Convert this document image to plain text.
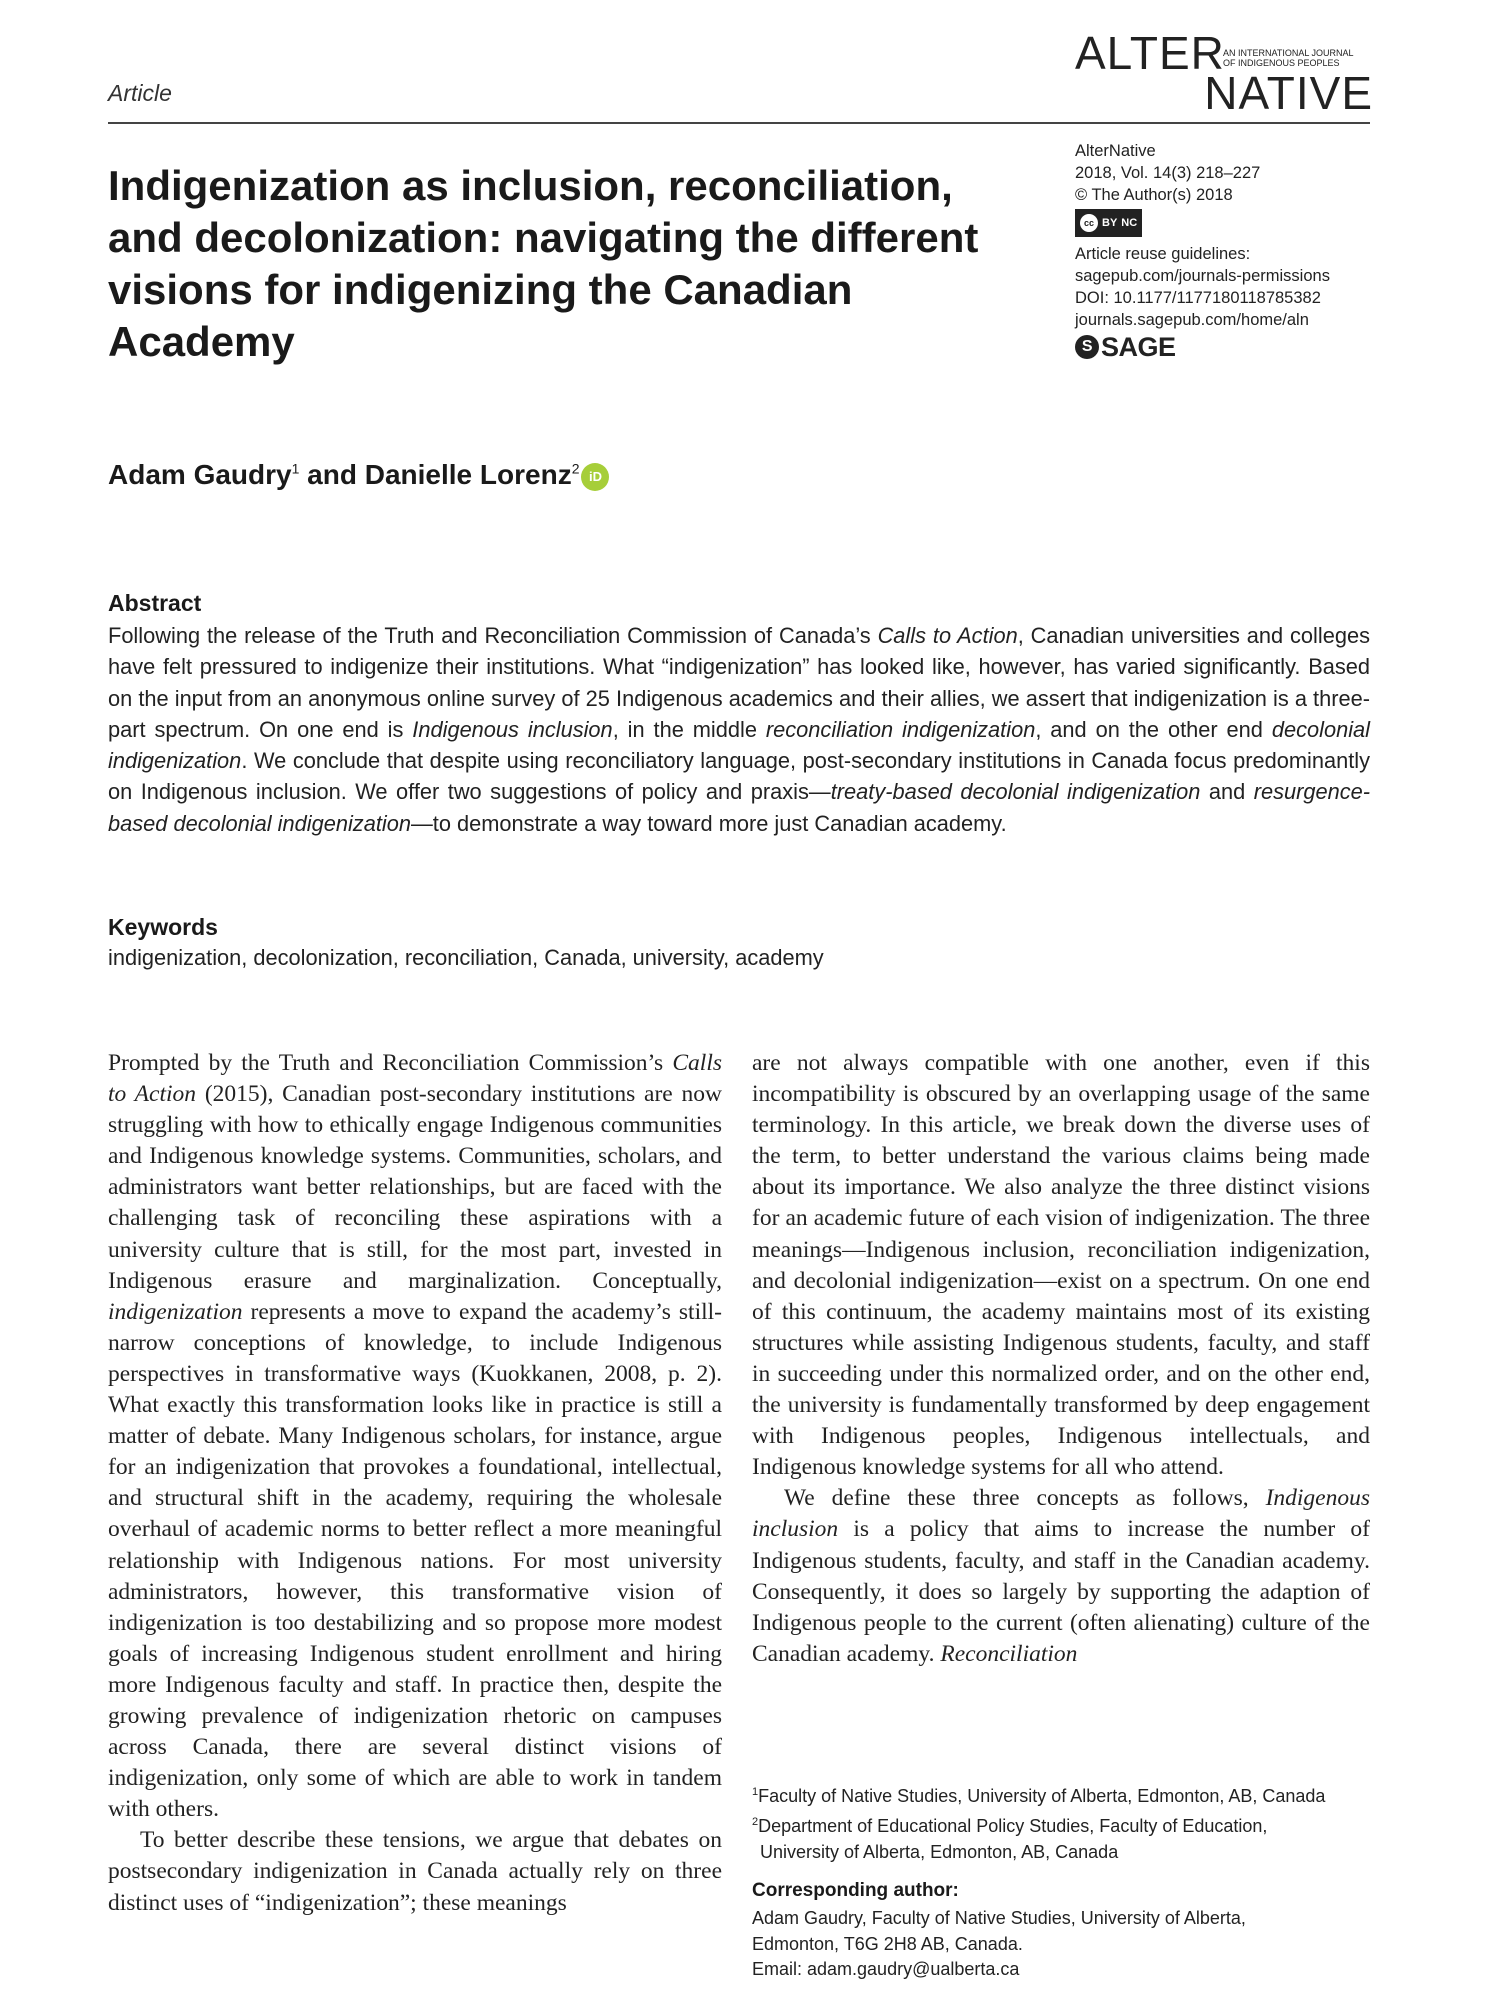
Article
ALTER
AN INTERNATIONAL JOURNAL
OF INDIGENOUS PEOPLES
NATIVE
AlterNative
2018, Vol. 14(3) 218–227
© The Author(s) 2018
cc BY NC
Article reuse guidelines:
sagepub.com/journals-permissions
DOI: 10.1177/1177180118785382
journals.sagepub.com/home/aln
S SAGE
Indigenization as inclusion, reconciliation, and decolonization: navigating the different visions for indigenizing the Canadian Academy
Adam Gaudry$^1$ and Danielle Lorenz$^2$ iD
Abstract
Following the release of the Truth and Reconciliation Commission of Canada’s Calls to Action, Canadian universities and colleges have felt pressured to indigenize their institutions. What “indigenization” has looked like, however, has varied significantly. Based on the input from an anonymous online survey of 25 Indigenous academics and their allies, we assert that indigenization is a three-part spectrum. On one end is Indigenous inclusion, in the middle reconciliation indigenization, and on the other end decolonial indigenization. We conclude that despite using reconciliatory language, post-secondary institutions in Canada focus predominantly on Indigenous inclusion. We offer two suggestions of policy and praxis—treaty-based decolonial indigenization and resurgence-based decolonial indigenization—to demonstrate a way toward more just Canadian academy.
Keywords
indigenization, decolonization, reconciliation, Canada, university, academy

Prompted by the Truth and Reconciliation Commission’s Calls to Action (2015), Canadian post-secondary institutions are now struggling with how to ethically engage Indigenous communities and Indigenous knowledge systems. Communities, scholars, and administrators want better relationships, but are faced with the challenging task of reconciling these aspirations with a university culture that is still, for the most part, invested in Indigenous erasure and marginalization. Conceptually, indigenization represents a move to expand the academy’s still-narrow conceptions of knowledge, to include Indigenous perspectives in transformative ways (Kuokkanen, 2008, p. 2). What exactly this transformation looks like in practice is still a matter of debate. Many Indigenous scholars, for instance, argue for an indigenization that provokes a foundational, intellectual, and structural shift in the academy, requiring the wholesale overhaul of academic norms to better reflect a more meaningful relationship with Indigenous nations. For most university administrators, however, this transformative vision of indigenization is too destabilizing and so propose more modest goals of increasing Indigenous student enrollment and hiring more Indigenous faculty and staff. In practice then, despite the growing prevalence of indigenization rhetoric on campuses across Canada, there are several distinct visions of indigenization, only some of which are able to work in tandem with others.

To better describe these tensions, we argue that debates on postsecondary indigenization in Canada actually rely on three distinct uses of “indigenization”; these meanings

are not always compatible with one another, even if this incompatibility is obscured by an overlapping usage of the same terminology. In this article, we break down the diverse uses of the term, to better understand the various claims being made about its importance. We also analyze the three distinct visions for an academic future of each vision of indigenization. The three meanings—Indigenous inclusion, reconciliation indigenization, and decolonial indigenization—exist on a spectrum. On one end of this continuum, the academy maintains most of its existing structures while assisting Indigenous students, faculty, and staff in succeeding under this normalized order, and on the other end, the university is fundamentally transformed by deep engagement with Indigenous peoples, Indigenous intellectuals, and Indigenous knowledge systems for all who attend.

We define these three concepts as follows, Indigenous inclusion is a policy that aims to increase the number of Indigenous students, faculty, and staff in the Canadian academy. Consequently, it does so largely by supporting the adaption of Indigenous people to the current (often alienating) culture of the Canadian academy. Reconciliation

$^1$Faculty of Native Studies, University of Alberta, Edmonton, AB, Canada
$^2$Department of Educational Policy Studies, Faculty of Education,
University of Alberta, Edmonton, AB, Canada
Corresponding author:
Adam Gaudry, Faculty of Native Studies, University of Alberta,
Edmonton, T6G 2H8 AB, Canada.
Email: adam.gaudry@ualberta.ca
